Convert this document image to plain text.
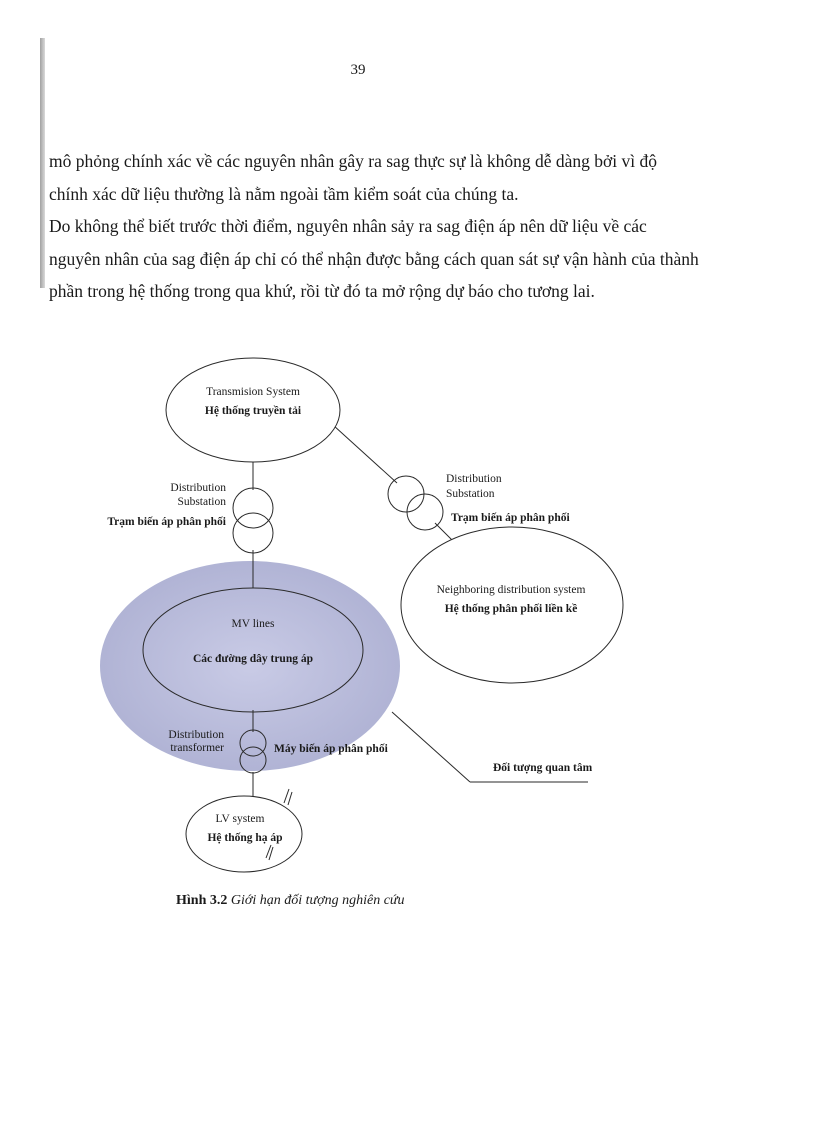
39

mô phỏng chính xác về các nguyên nhân gây ra sag thực sự là không dễ dàng bởi vì độ chính xác dữ liệu thường là nằm ngoài tầm kiểm soát của chúng ta.

Do không thể biết trước thời điểm, nguyên nhân sảy ra sag điện áp nên dữ liệu về các nguyên nhân của sag điện áp chỉ có thể nhận được bằng cách quan sát sự vận hành của thành phần trong hệ thống trong qua khứ, rồi từ đó ta mở rộng dự báo cho tương lai.

Transmision System
Hệ thống truyền tải
Distribution
Substation
Trạm biến áp phân phối
Distribution
Substation
Trạm biến áp phân phối
Neighboring distribution system
Hệ thống phân phối liền kề
MV lines
Các đường dây trung áp
Distribution
transformer	Máy biến áp phân phối
Đối tượng quan tâm
LV system
Hệ thống hạ áp
Hình 3.2 Giới hạn đối tượng nghiên cứu
